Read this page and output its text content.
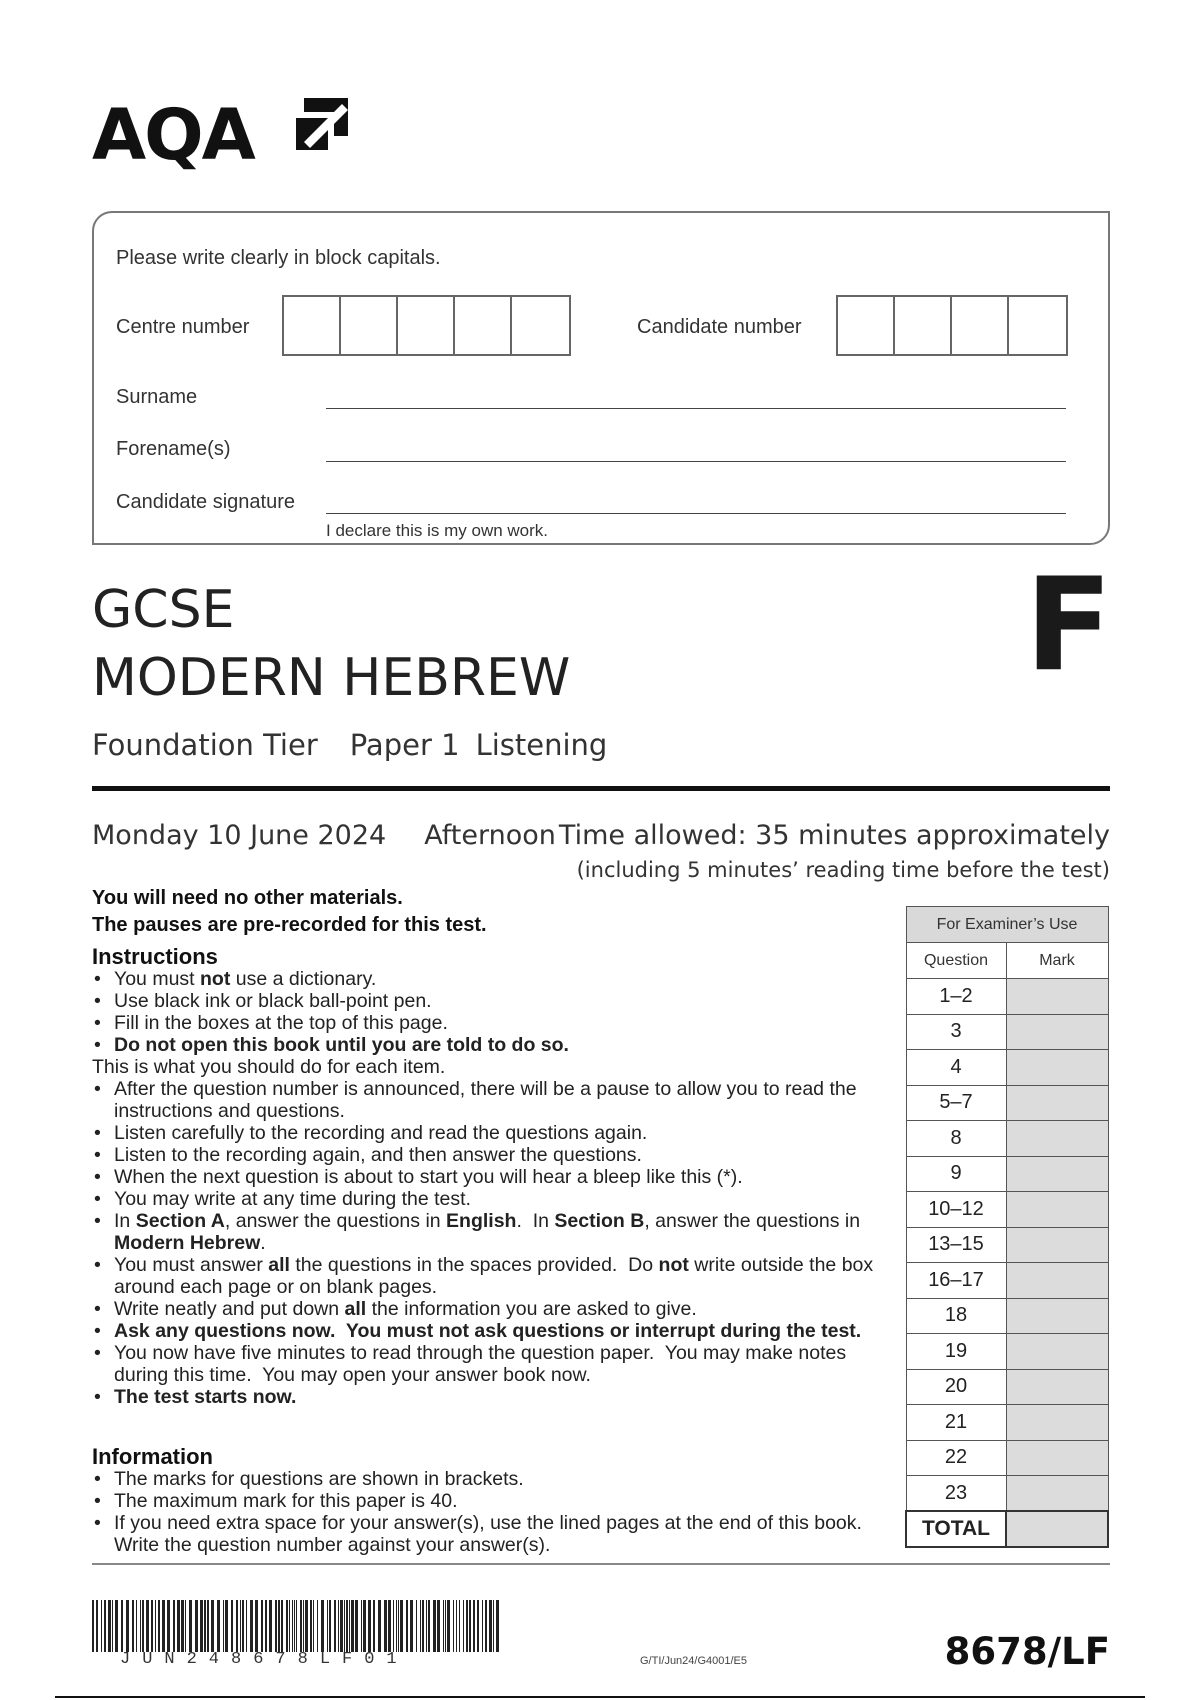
AQA
Please write clearly in block capitals.
Centre number	Candidate number
Surname
Forename(s)
Candidate signature
I declare this is my own work.
GCSE
MODERN HEBREW	F
Foundation Tier Paper 1 Listening
Monday 10 June 2024 Afternoon Time allowed: 35 minutes approximately
(including 5 minutes’ reading time before the test)
You will need no other materials.
The pauses are pre-recorded for this test.
Instructions
• You must not use a dictionary.
• Use black ink or black ball-point pen.
• Fill in the boxes at the top of this page.
• Do not open this book until you are told to do so.
This is what you should do for each item.
• After the question number is announced, there will be a pause to allow you to read the instructions and questions.
• Listen carefully to the recording and read the questions again.
• Listen to the recording again, and then answer the questions.
• When the next question is about to start you will hear a bleep like this (*).
• You may write at any time during the test.
• In Section A, answer the questions in English.  In Section B, answer the questions in Modern Hebrew.
• You must answer all the questions in the spaces provided.  Do not write outside the box around each page or on blank pages.
• Write neatly and put down all the information you are asked to give.
• Ask any questions now.  You must not ask questions or interrupt during the test.
• You now have five minutes to read through the question paper.  You may make notes during this time.  You may open your answer book now.
• The test starts now.
Information
• The marks for questions are shown in brackets.
• The maximum mark for this paper is 40.
• If you need extra space for your answer(s), use the lined pages at the end of this book. Write the question number against your answer(s).
For Examiner’s Use	
Question	Mark
1–2	
3	
4	
5–7	
8	
9	
10–12	
13–15	
16–17	
18	
19	
20	
21	
22	
23	
TOTAL	
JUN248678LF01	G/TI/Jun24/G4001/E5	8678/LF
